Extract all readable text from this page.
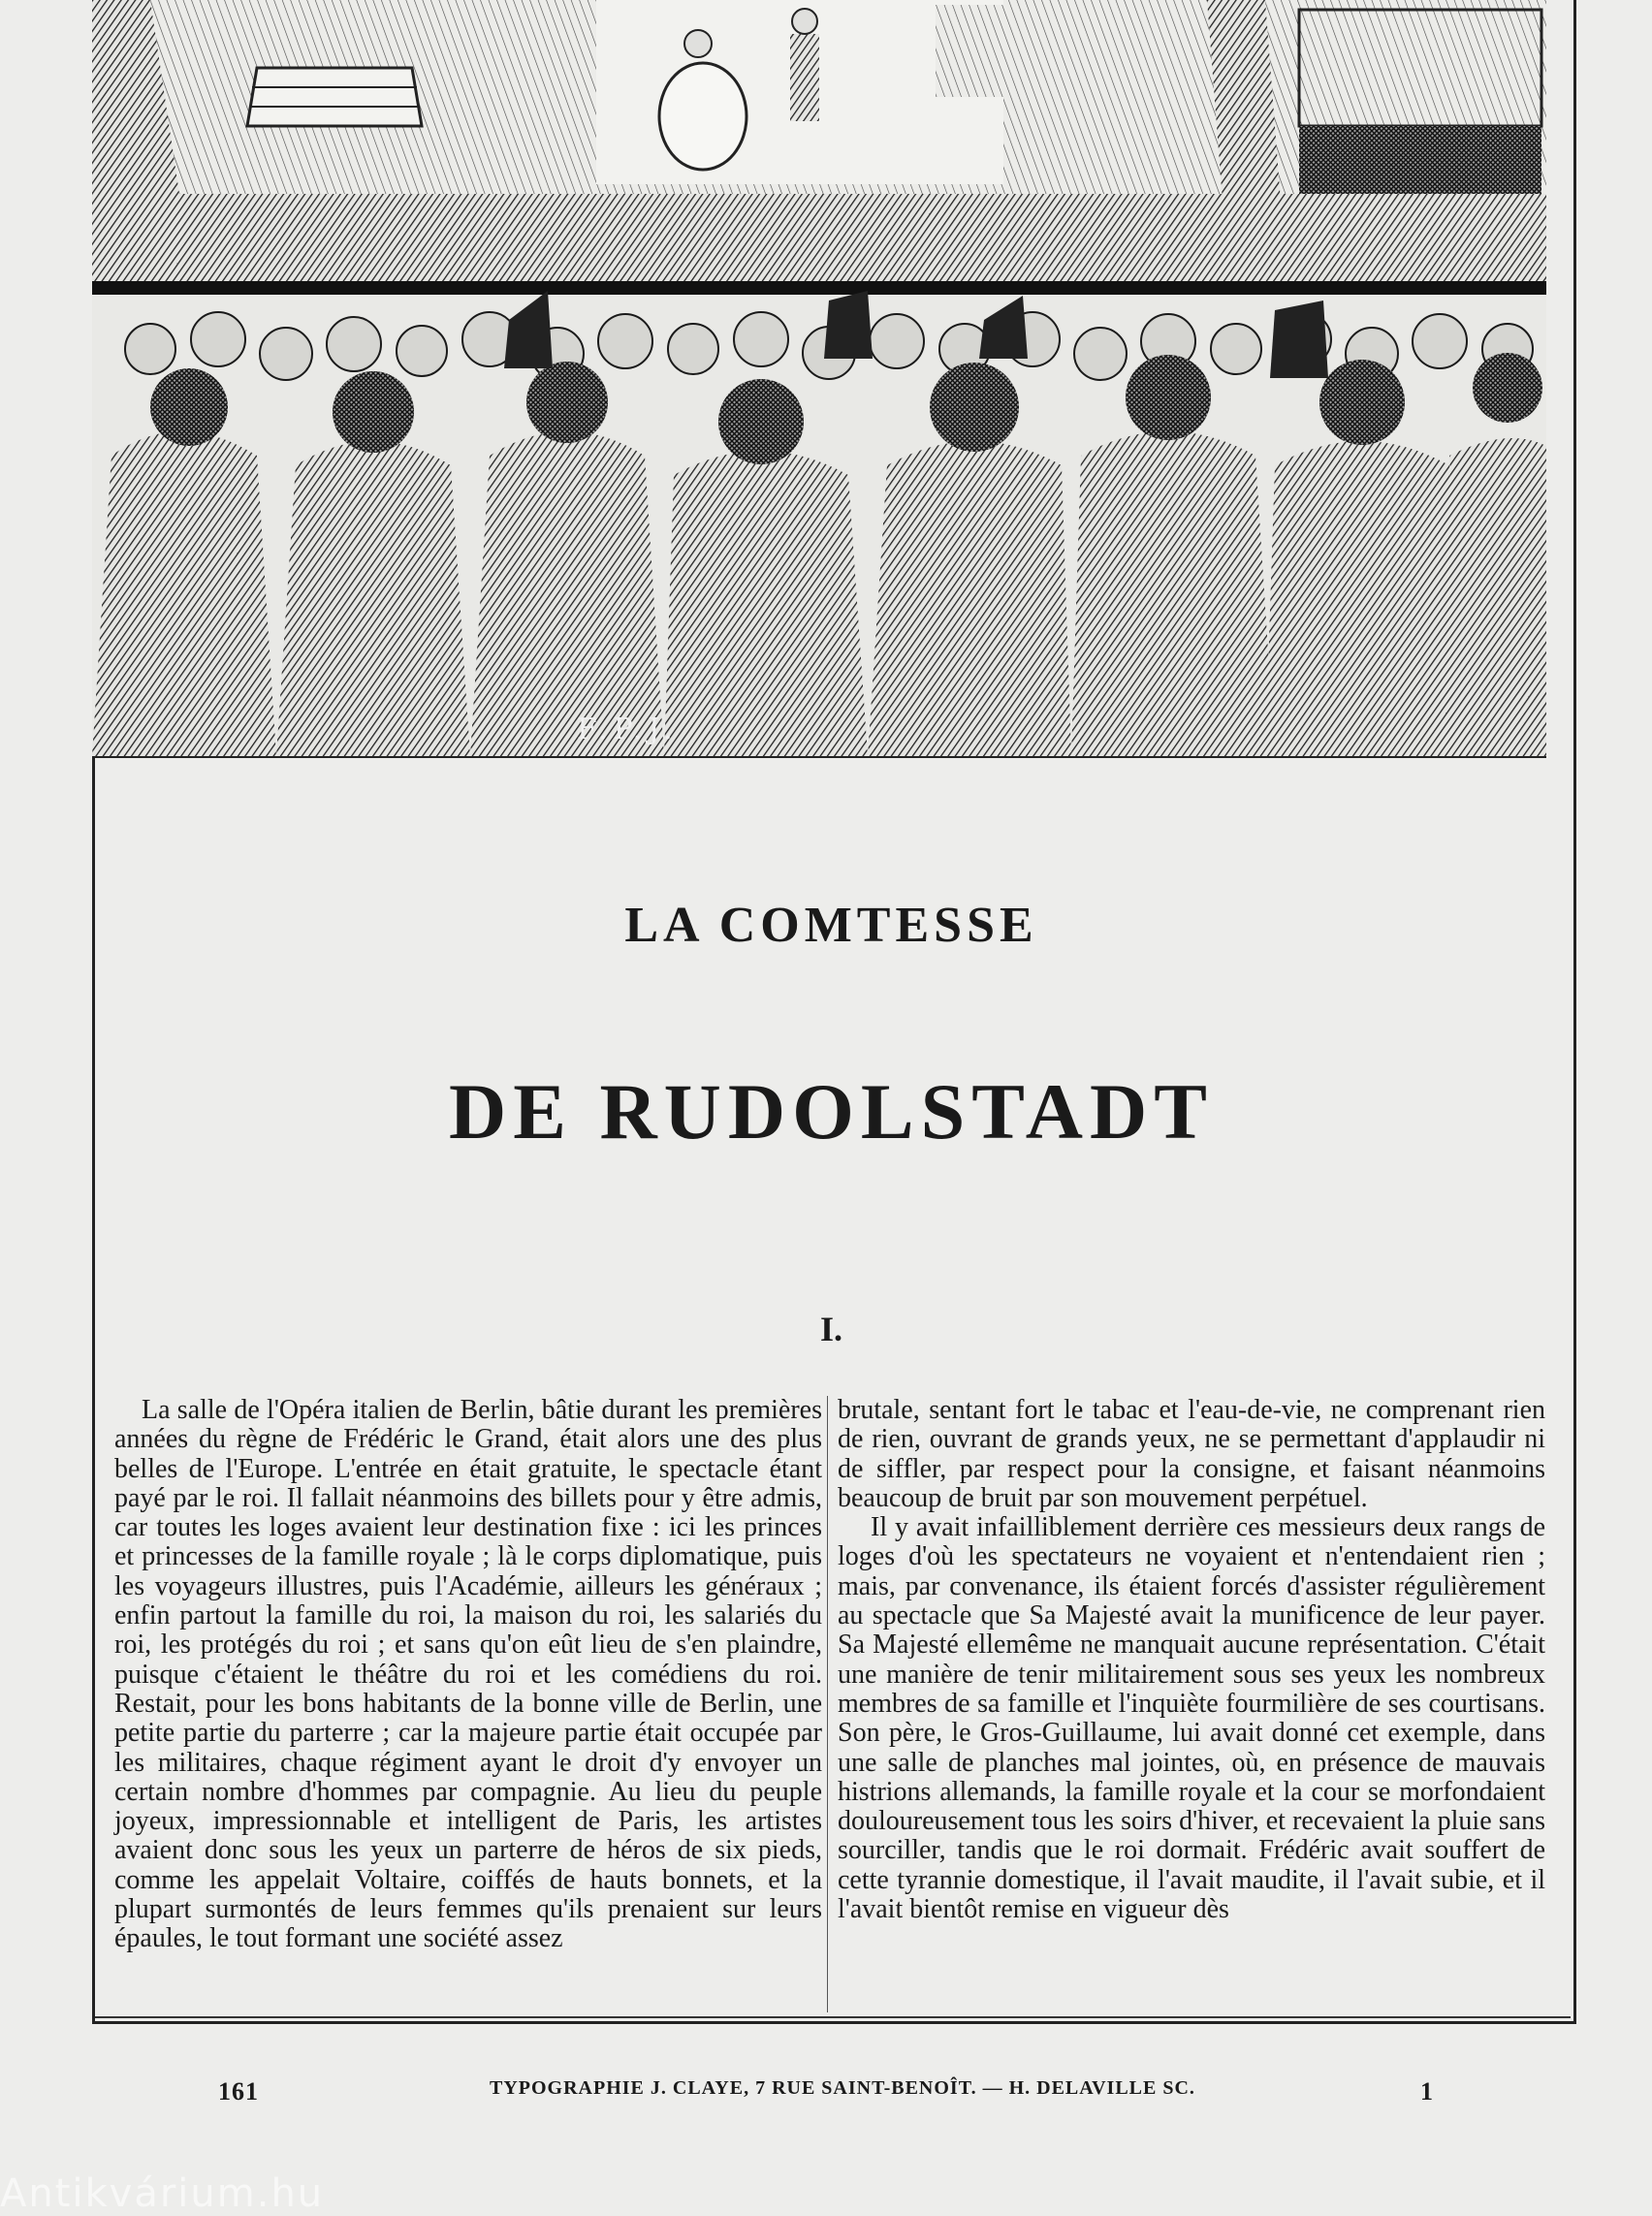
F.P.J.
LA COMTESSE
DE RUDOLSTADT
I.

La salle de l'Opéra italien de Berlin, bâtie durant les premières années du règne de Frédéric le Grand, était alors une des plus belles de l'Europe. L'entrée en était gratuite, le spectacle étant payé par le roi. Il fallait néanmoins des billets pour y être admis, car toutes les loges avaient leur destination fixe : ici les princes et princesses de la famille royale ; là le corps diplomatique, puis les voyageurs illustres, puis l'Académie, ailleurs les généraux ; enfin partout la famille du roi, la maison du roi, les salariés du roi, les protégés du roi ; et sans qu'on eût lieu de s'en plaindre, puisque c'étaient le théâtre du roi et les comédiens du roi. Restait, pour les bons habitants de la bonne ville de Berlin, une petite partie du parterre ; car la majeure partie était occupée par les militaires, chaque régiment ayant le droit d'y envoyer un certain nombre d'hommes par compagnie. Au lieu du peuple joyeux, impressionnable et intelligent de Paris, les artistes avaient donc sous les yeux un parterre de héros de six pieds, comme les appelait Voltaire, coiffés de hauts bonnets, et la plupart surmontés de leurs femmes qu'ils prenaient sur leurs épaules, le tout formant une société assez

brutale, sentant fort le tabac et l'eau-de-vie, ne comprenant rien de rien, ouvrant de grands yeux, ne se permettant d'applaudir ni de siffler, par respect pour la consigne, et faisant néanmoins beaucoup de bruit par son mouvement perpétuel.

Il y avait infailliblement derrière ces messieurs deux rangs de loges d'où les spectateurs ne voyaient et n'entendaient rien ; mais, par convenance, ils étaient forcés d'assister régulièrement au spectacle que Sa Majesté avait la munificence de leur payer. Sa Majesté ellemême ne manquait aucune représentation. C'était une manière de tenir militairement sous ses yeux les nombreux membres de sa famille et l'inquiète fourmilière de ses courtisans. Son père, le Gros-Guillaume, lui avait donné cet exemple, dans une salle de planches mal jointes, où, en présence de mauvais histrions allemands, la famille royale et la cour se morfondaient douloureusement tous les soirs d'hiver, et recevaient la pluie sans sourciller, tandis que le roi dormait. Frédéric avait souffert de cette tyrannie domestique, il l'avait maudite, il l'avait subie, et il l'avait bientôt remise en vigueur dès

161	TYPOGRAPHIE J. CLAYE, 7 RUE SAINT-BENOÎT. — H. DELAVILLE SC.	1
Antikvárium.hu
